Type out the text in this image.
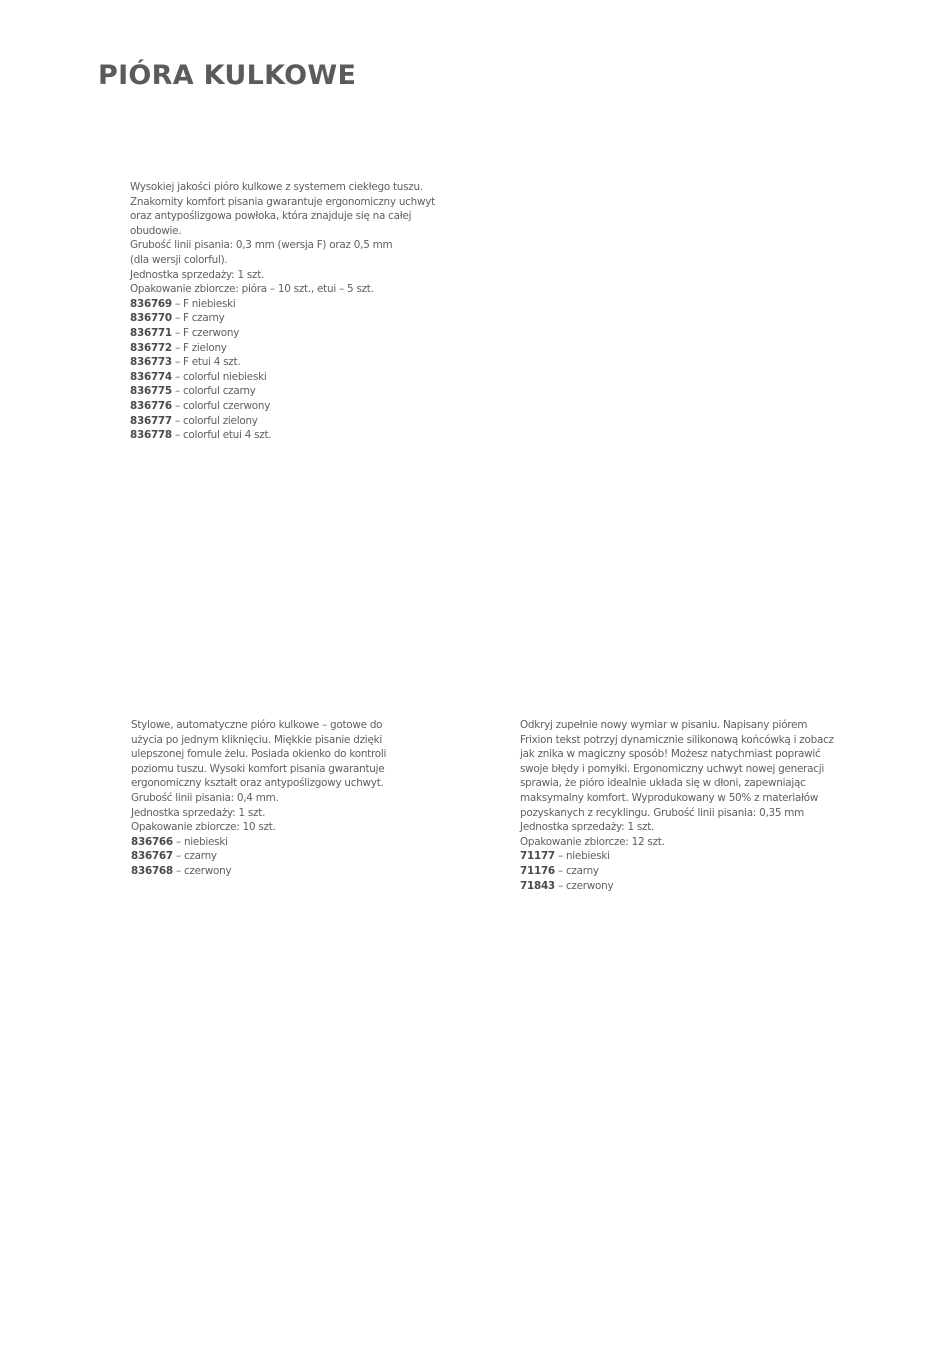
PIÓRA KULKOWE
Wysokiej jakości pióro kulkowe z systemem ciekłego tuszu.
Znakomity komfort pisania gwarantuje ergonomiczny uchwyt
oraz antypoślizgowa powłoka, która znajduje się na całej
obudowie.
Grubość linii pisania: 0,3 mm (wersja F) oraz 0,5 mm
(dla wersji colorful).
Jednostka sprzedaży: 1 szt.
Opakowanie zbiorcze: pióra – 10 szt., etui – 5 szt.
836769 – F niebieski
836770 – F czarny
836771 – F czerwony
836772 – F zielony
836773 – F etui 4 szt.
836774 – colorful niebieski
836775 – colorful czarny
836776 – colorful czerwony
836777 – colorful zielony
836778 – colorful etui 4 szt.
Stylowe, automatyczne pióro kulkowe – gotowe do
użycia po jednym kliknięciu. Miękkie pisanie dzięki
ulepszonej fomule żelu. Posiada okienko do kontroli
poziomu tuszu. Wysoki komfort pisania gwarantuje
ergonomiczny kształt oraz antypoślizgowy uchwyt.
Grubość linii pisania: 0,4 mm.
Jednostka sprzedaży: 1 szt.
Opakowanie zbiorcze: 10 szt.
836766 – niebieski
836767 – czarny
836768 – czerwony
Odkryj zupełnie nowy wymiar w pisaniu. Napisany piórem
Frixion tekst potrzyj dynamicznie silikonową końcówką i zobacz
jak znika w magiczny sposób! Możesz natychmiast poprawić
swoje błędy i pomyłki. Ergonomiczny uchwyt nowej generacji
sprawia, że pióro idealnie układa się w dłoni, zapewniając
maksymalny komfort. Wyprodukowany w 50% z materiałów
pozyskanych z recyklingu. Grubość linii pisania: 0,35 mm
Jednostka sprzedaży: 1 szt.
Opakowanie zbiorcze: 12 szt.
71177 – niebieski
71176 – czarny
71843 – czerwony
